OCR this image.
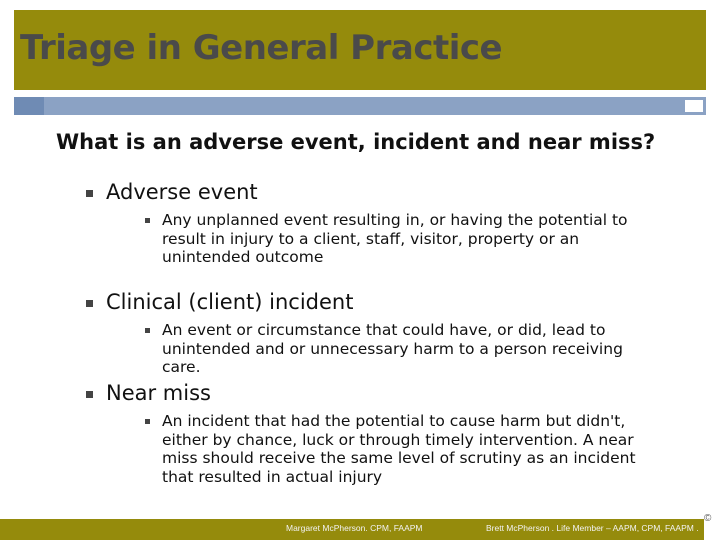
Triage in General Practice
What is an adverse event, incident and near miss?
Adverse event
Any unplanned event resulting in, or having the potential to result in injury to a client, staff, visitor, property or an unintended outcome
Clinical (client) incident
An event or circumstance that could have, or did, lead to unintended and or unnecessary harm to a person receiving care.
Near miss
An incident that had the potential to cause harm but didn't, either by chance, luck or through timely intervention. A near miss should receive the same level of scrutiny as an incident that resulted in actual injury
Margaret McPherson. CPM, FAAPM	Brett McPherson . Life Member – AAPM, CPM, FAAPM .
©
